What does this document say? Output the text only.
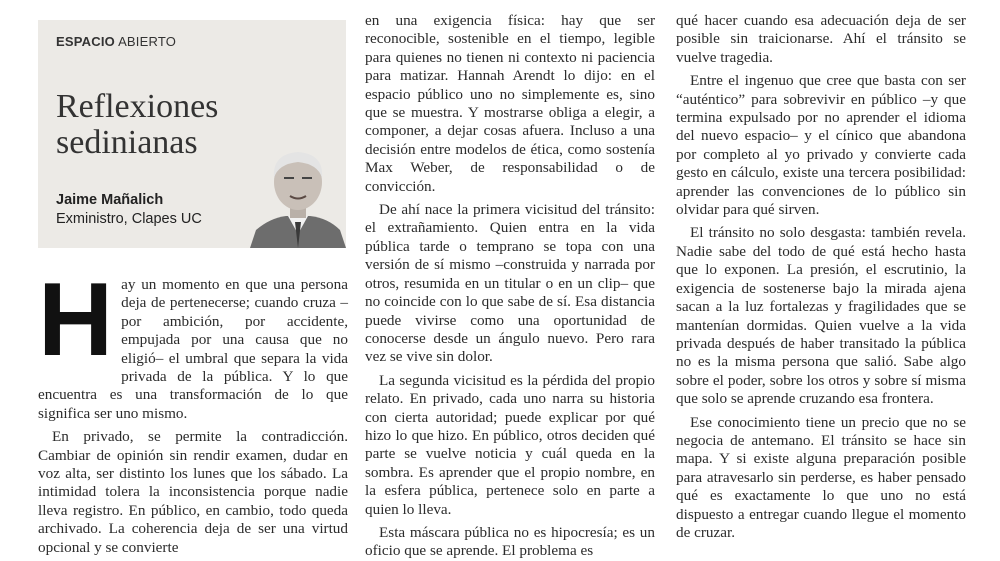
ESPACIO ABIERTO
Reflexiones sedinianas
Jaime Mañalich
Exministro, Clapes UC
H ay un momento en que una persona deja de pertenecerse; cuando cruza –por ambición, por accidente, empujada por una causa que no eligió– el umbral que separa la vida privada de la pública. Y lo que encuentra es una transformación de lo que significa ser uno mismo.

En privado, se permite la contradicción. Cambiar de opinión sin rendir examen, dudar en voz alta, ser distinto los lunes que los sábado. La intimidad tolera la inconsistencia porque nadie lleva registro. En público, en cambio, todo queda archivado. La coherencia deja de ser una virtud opcional y se convierte

en una exigencia física: hay que ser reconocible, sostenible en el tiempo, legible para quienes no tienen ni contexto ni paciencia para matizar. Hannah Arendt lo dijo: en el espacio público uno no simplemente es, sino que se muestra. Y mostrarse obliga a elegir, a componer, a dejar cosas afuera. Incluso a una decisión entre modelos de ética, como sostenía Max Weber, de responsabilidad o de convicción.

De ahí nace la primera vicisitud del tránsito: el extrañamiento. Quien entra en la vida pública tarde o temprano se topa con una versión de sí mismo –construida y narrada por otros, resumida en un titular o en un clip– que no coincide con lo que sabe de sí. Esa distancia puede vivirse como una oportunidad de conocerse desde un ángulo nuevo. Pero rara vez se vive sin dolor.

La segunda vicisitud es la pérdida del propio relato. En privado, cada uno narra su historia con cierta autoridad; puede explicar por qué hizo lo que hizo. En público, otros deciden qué parte se vuelve noticia y cuál queda en la sombra. Es aprender que el propio nombre, en la esfera pública, pertenece solo en parte a quien lo lleva.

Esta máscara pública no es hipocresía; es un oficio que se aprende. El problema es

qué hacer cuando esa adecuación deja de ser posible sin traicionarse. Ahí el tránsito se vuelve tragedia.

Entre el ingenuo que cree que basta con ser “auténtico” para sobrevivir en público –y que termina expulsado por no aprender el idioma del nuevo espacio– y el cínico que abandona por completo al yo privado y convierte cada gesto en cálculo, existe una tercera posibilidad: aprender las convenciones de lo público sin olvidar para qué sirven.

El tránsito no solo desgasta: también revela. Nadie sabe del todo de qué está hecho hasta que lo exponen. La presión, el escrutinio, la exigencia de sostenerse bajo la mirada ajena sacan a la luz fortalezas y fragilidades que se mantenían dormidas. Quien vuelve a la vida privada después de haber transitado la pública no es la misma persona que salió. Sabe algo sobre el poder, sobre los otros y sobre sí misma que solo se aprende cruzando esa frontera.

Ese conocimiento tiene un precio que no se negocia de antemano. El tránsito se hace sin mapa. Y si existe alguna preparación posible para atravesarlo sin perderse, es haber pensado qué es exactamente lo que uno no está dispuesto a entregar cuando llegue el momento de cruzar.
